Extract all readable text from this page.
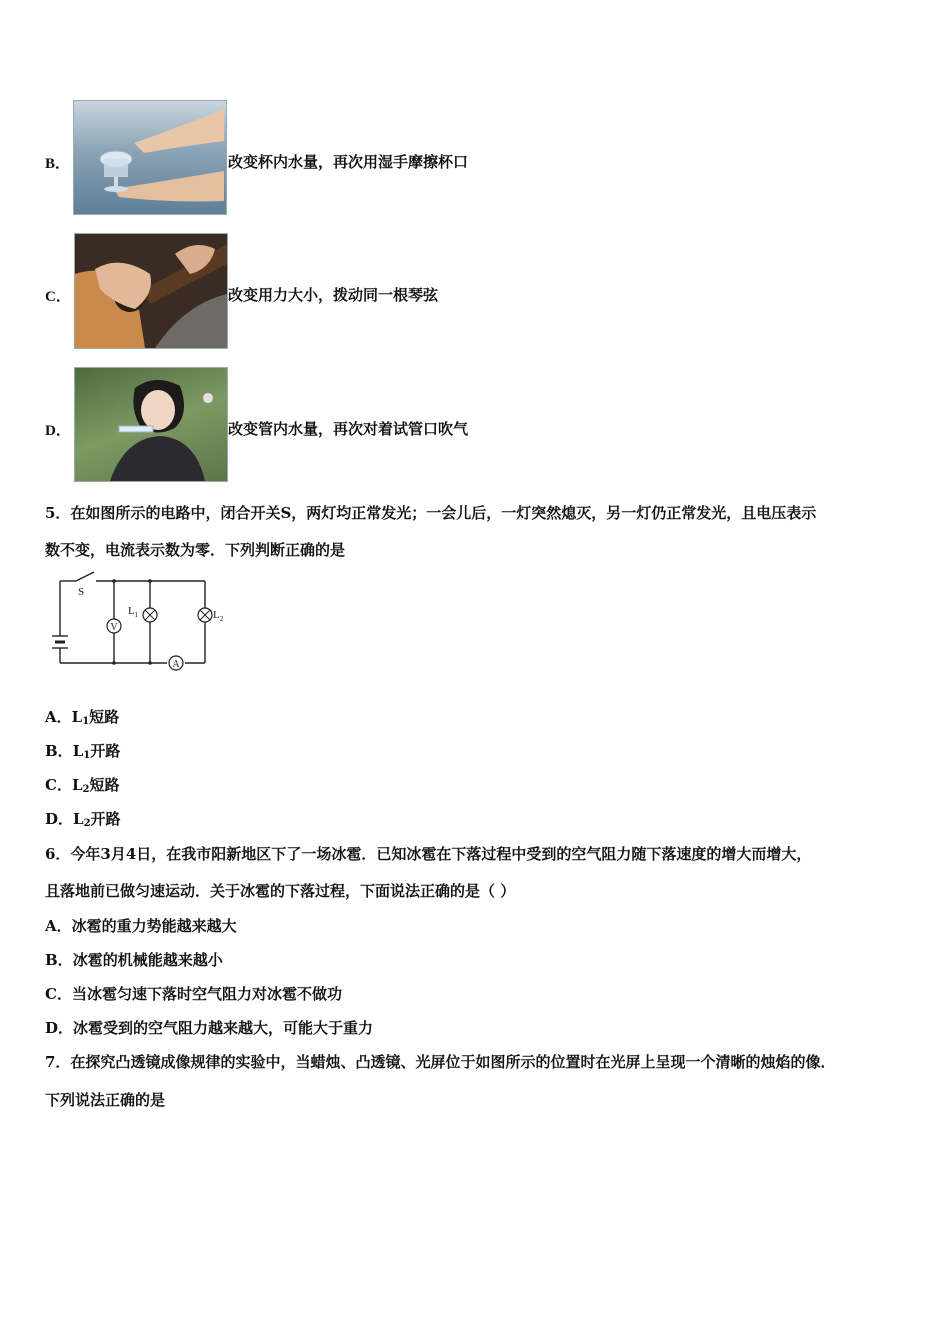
B．	改变杯内水量，再次用湿手摩擦杯口
C．	改变用力大小，拨动同一根琴弦
D．	改变管内水量，再次对着试管口吹气
5．在如图所示的电路中，闭合开关S，两灯均正常发光；一会儿后，一灯突然熄灭，另一灯仍正常发光，且电压表示
数不变，电流表示数为零．下列判断正确的是
V
A
S
$L_1$	$L_2$
A．$L_1$短路
B．$L_1$开路
C．$L_2$短路
D．$L_2$开路
6．今年3月4日，在我市阳新地区下了一场冰雹．已知冰雹在下落过程中受到的空气阻力随下落速度的增大而增大，
且落地前已做匀速运动．关于冰雹的下落过程，下面说法正确的是（ ）
A．冰雹的重力势能越来越大
B．冰雹的机械能越来越小
C．当冰雹匀速下落时空气阻力对冰雹不做功
D．冰雹受到的空气阻力越来越大，可能大于重力
7．在探究凸透镜成像规律的实验中，当蜡烛、凸透镜、光屏位于如图所示的位置时在光屏上呈现一个清晰的烛焰的像．
下列说法正确的是
